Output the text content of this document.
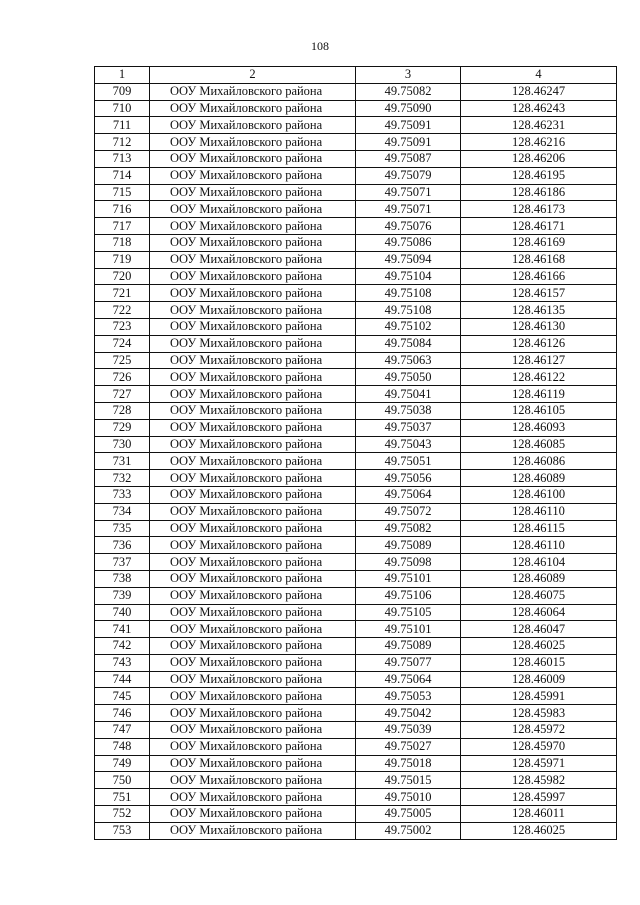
108
1	2	3	4
709	ООУ Михайловского района	49.75082	128.46247
710	ООУ Михайловского района	49.75090	128.46243
711	ООУ Михайловского района	49.75091	128.46231
712	ООУ Михайловского района	49.75091	128.46216
713	ООУ Михайловского района	49.75087	128.46206
714	ООУ Михайловского района	49.75079	128.46195
715	ООУ Михайловского района	49.75071	128.46186
716	ООУ Михайловского района	49.75071	128.46173
717	ООУ Михайловского района	49.75076	128.46171
718	ООУ Михайловского района	49.75086	128.46169
719	ООУ Михайловского района	49.75094	128.46168
720	ООУ Михайловского района	49.75104	128.46166
721	ООУ Михайловского района	49.75108	128.46157
722	ООУ Михайловского района	49.75108	128.46135
723	ООУ Михайловского района	49.75102	128.46130
724	ООУ Михайловского района	49.75084	128.46126
725	ООУ Михайловского района	49.75063	128.46127
726	ООУ Михайловского района	49.75050	128.46122
727	ООУ Михайловского района	49.75041	128.46119
728	ООУ Михайловского района	49.75038	128.46105
729	ООУ Михайловского района	49.75037	128.46093
730	ООУ Михайловского района	49.75043	128.46085
731	ООУ Михайловского района	49.75051	128.46086
732	ООУ Михайловского района	49.75056	128.46089
733	ООУ Михайловского района	49.75064	128.46100
734	ООУ Михайловского района	49.75072	128.46110
735	ООУ Михайловского района	49.75082	128.46115
736	ООУ Михайловского района	49.75089	128.46110
737	ООУ Михайловского района	49.75098	128.46104
738	ООУ Михайловского района	49.75101	128.46089
739	ООУ Михайловского района	49.75106	128.46075
740	ООУ Михайловского района	49.75105	128.46064
741	ООУ Михайловского района	49.75101	128.46047
742	ООУ Михайловского района	49.75089	128.46025
743	ООУ Михайловского района	49.75077	128.46015
744	ООУ Михайловского района	49.75064	128.46009
745	ООУ Михайловского района	49.75053	128.45991
746	ООУ Михайловского района	49.75042	128.45983
747	ООУ Михайловского района	49.75039	128.45972
748	ООУ Михайловского района	49.75027	128.45970
749	ООУ Михайловского района	49.75018	128.45971
750	ООУ Михайловского района	49.75015	128.45982
751	ООУ Михайловского района	49.75010	128.45997
752	ООУ Михайловского района	49.75005	128.46011
753	ООУ Михайловского района	49.75002	128.46025
